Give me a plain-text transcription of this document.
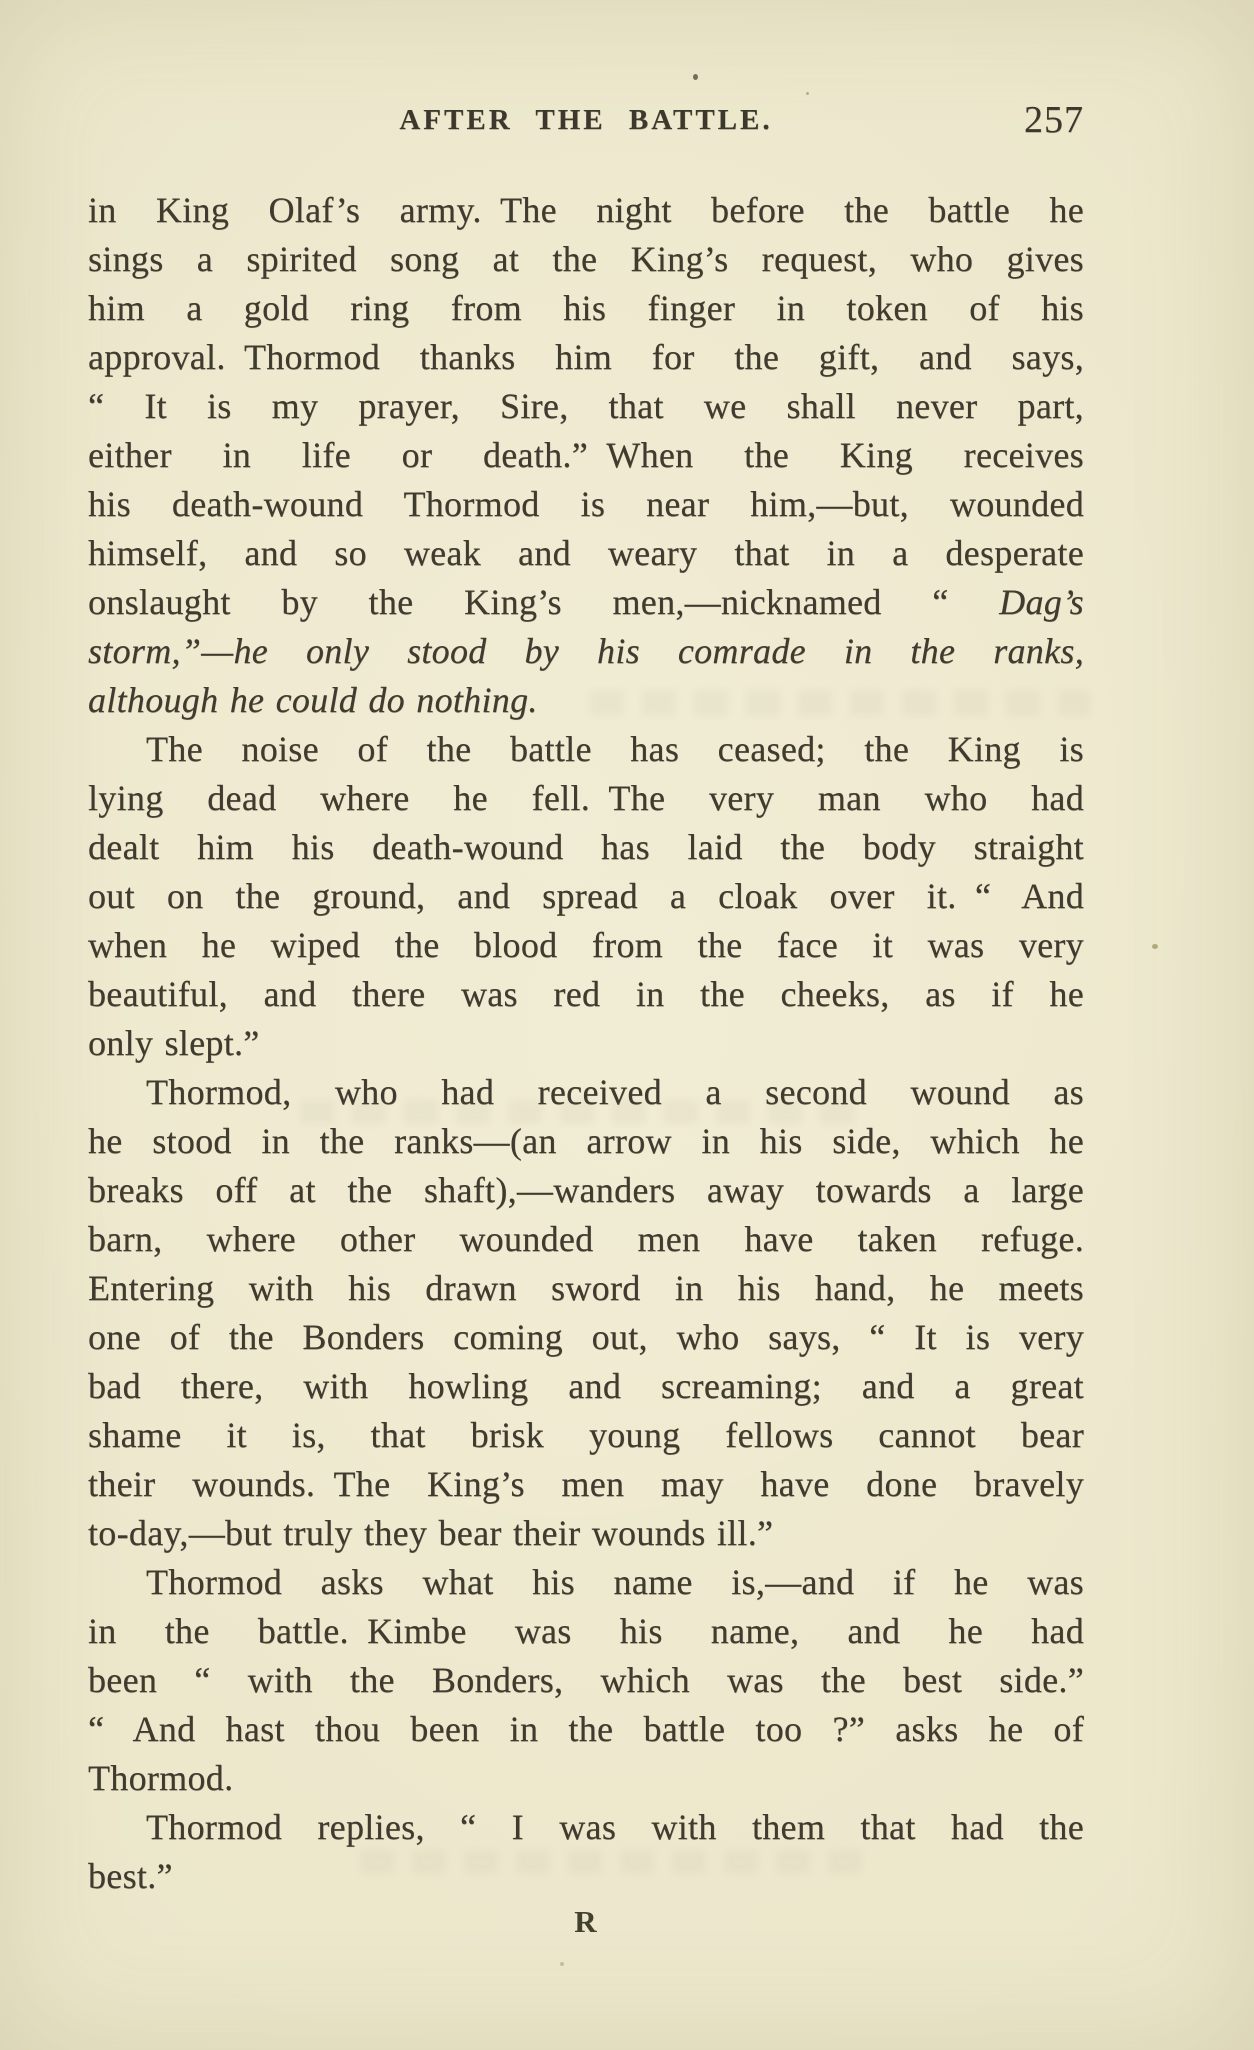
AFTER THE BATTLE.	257
in King Olaf’s army. The night before the battle he
sings a spirited song at the King’s request, who gives
him a gold ring from his finger in token of his
approval. Thormod thanks him for the gift, and says,
“ It is my prayer, Sire, that we shall never part,
either in life or death.” When the King receives
his death-wound Thormod is near him,—but, wounded
himself, and so weak and weary that in a desperate
onslaught by the King’s men,—nicknamed “ Dag’s
storm,”—he only stood by his comrade in the ranks,
although he could do nothing.
The noise of the battle has ceased; the King is
lying dead where he fell. The very man who had
dealt him his death-wound has laid the body straight
out on the ground, and spread a cloak over it. “ And
when he wiped the blood from the face it was very
beautiful, and there was red in the cheeks, as if he
only slept.”
Thormod, who had received a second wound as
he stood in the ranks—(an arrow in his side, which he
breaks off at the shaft),—wanders away towards a large
barn, where other wounded men have taken refuge.
Entering with his drawn sword in his hand, he meets
one of the Bonders coming out, who says, “ It is very
bad there, with howling and screaming; and a great
shame it is, that brisk young fellows cannot bear
their wounds. The King’s men may have done bravely
to-day,—but truly they bear their wounds ill.”
Thormod asks what his name is,—and if he was
in the battle. Kimbe was his name, and he had
been “ with the Bonders, which was the best side.”
“ And hast thou been in the battle too ?” asks he of
Thormod.
Thormod replies, “ I was with them that had the
best.”
R
